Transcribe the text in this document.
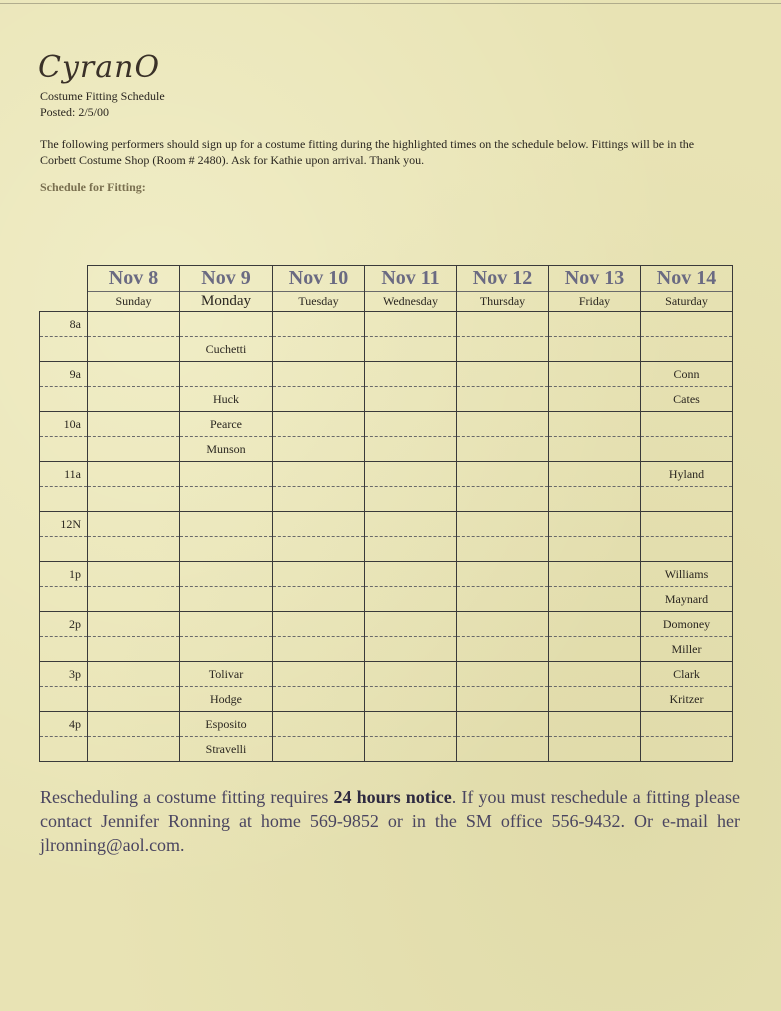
CyranO
Costume Fitting Schedule
Posted: 2/5/00
The following performers should sign up for a costume fitting during the highlighted times on the schedule below. Fittings will be in the Corbett Costume Shop (Room # 2480). Ask for Kathie upon arrival. Thank you.
Schedule for Fitting:
	Nov 8	Nov 9	Nov 10	Nov 11	Nov 12	Nov 13	Nov 14
	Sunday	Monday	Tuesday	Wednesday	Thursday	Friday	Saturday
8a							
		Cuchetti					
9a							Conn
		Huck					Cates
10a		Pearce					
		Munson					
11a							Hyland

12N							

1p							Williams
							Maynard
2p							Domoney
							Miller
3p		Tolivar					Clark
		Hodge					Kritzer
4p		Esposito					
		Stravelli					
Rescheduling a costume fitting requires 24 hours notice. If you must reschedule a fitting please contact Jennifer Ronning at home 569-9852 or in the SM office 556-9432. Or e-mail her jlronning@aol.com.
